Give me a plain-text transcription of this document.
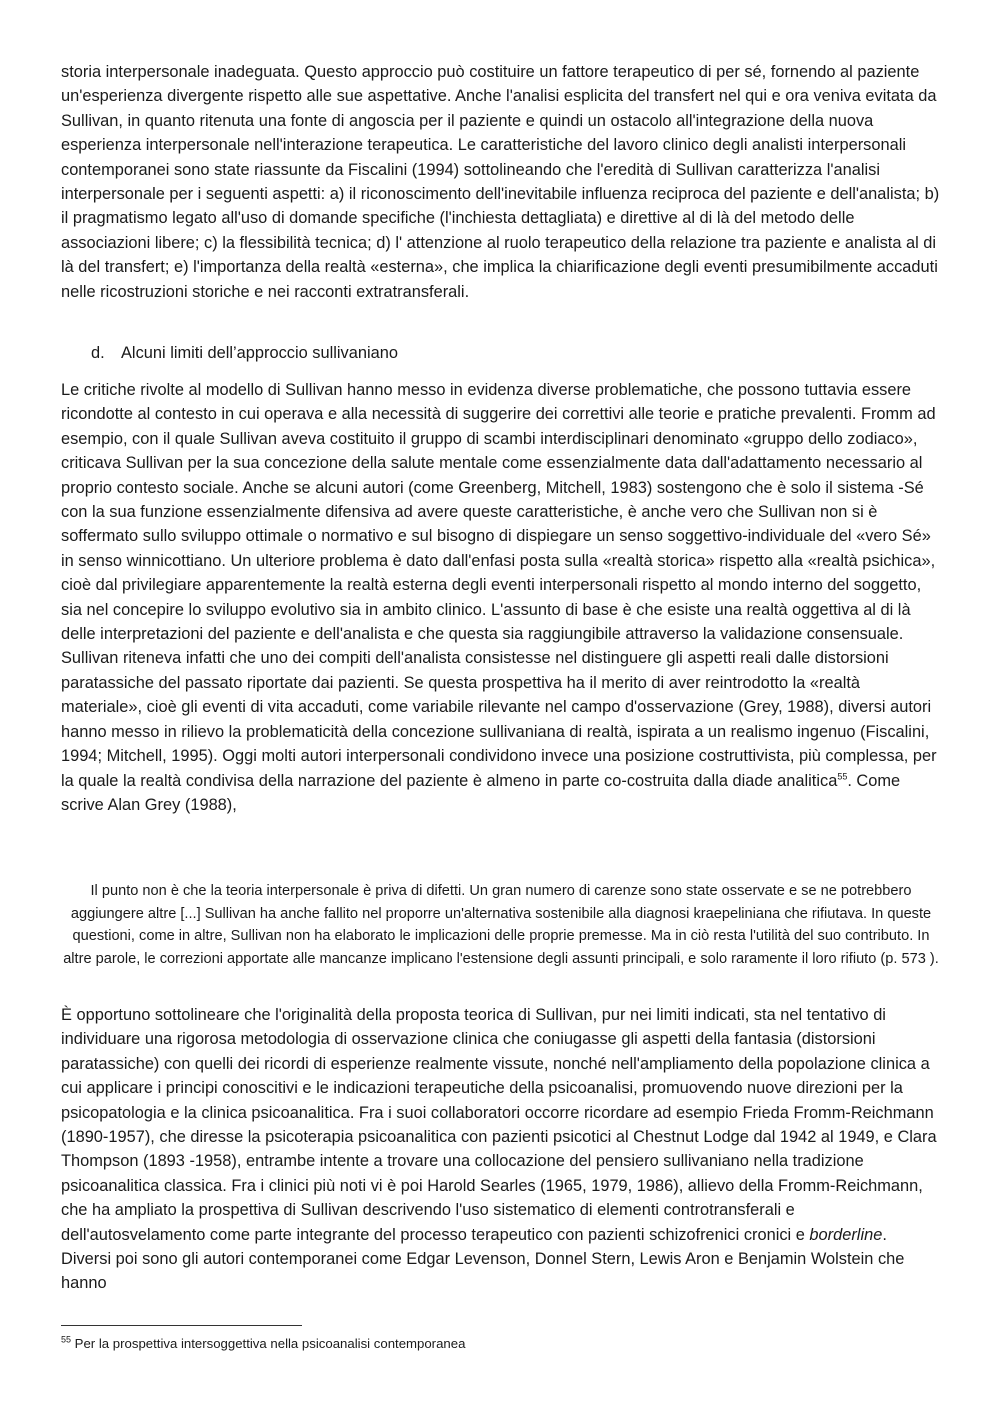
storia interpersonale inadeguata. Questo approccio può costituire un fattore terapeutico di per sé, fornendo al paziente un'esperienza divergente rispetto alle sue aspettative. Anche l'analisi esplicita del transfert nel qui e ora veniva evitata da Sullivan, in quanto ritenuta una fonte di angoscia per il paziente e quindi un ostacolo all'integrazione della nuova esperienza interpersonale nell'interazione terapeutica. Le caratteristiche del lavoro clinico degli analisti interpersonali contemporanei sono state riassunte da Fiscalini (1994) sottolineando che l'eredità di Sullivan caratterizza l'analisi interpersonale per i seguenti aspetti: a) il riconoscimento dell'inevitabile influenza reciproca del paziente e dell'analista; b) il pragmatismo legato all'uso di domande specifiche (l'inchiesta dettagliata) e direttive al di là del metodo delle associazioni libere; c) la flessibilità tecnica; d) l' attenzione al ruolo terapeutico della relazione tra paziente e analista al di là del transfert; e) l'importanza della realtà «esterna», che implica la chiarificazione degli eventi presumibilmente accaduti nelle ricostruzioni storiche e nei racconti extratransferali.

d. Alcuni limiti dell’approccio sullivaniano

Le critiche rivolte al modello di Sullivan hanno messo in evidenza diverse problematiche, che possono tuttavia essere ricondotte al contesto in cui operava e alla necessità di suggerire dei correttivi alle teorie e pratiche prevalenti. Fromm ad esempio, con il quale Sullivan aveva costituito il gruppo di scambi interdisciplinari denominato «gruppo dello zodiaco», criticava Sullivan per la sua concezione della salute mentale come essenzialmente data dall'adattamento necessario al proprio contesto sociale. Anche se alcuni autori (come Greenberg, Mitchell, 1983) sostengono che è solo il sistema -Sé con la sua funzione essenzialmente difensiva ad avere queste caratteristiche, è anche vero che Sullivan non si è soffermato sullo sviluppo ottimale o normativo e sul bisogno di dispiegare un senso soggettivo-individuale del «vero Sé» in senso winnicottiano. Un ulteriore problema è dato dall'enfasi posta sulla «realtà storica» rispetto alla «realtà psichica», cioè dal privilegiare apparentemente la realtà esterna degli eventi interpersonali rispetto al mondo interno del soggetto, sia nel concepire lo sviluppo evolutivo sia in ambito clinico. L'assunto di base è che esiste una realtà oggettiva al di là delle interpretazioni del paziente e dell'analista e che questa sia raggiungibile attraverso la validazione consensuale. Sullivan riteneva infatti che uno dei compiti dell'analista consistesse nel distinguere gli aspetti reali dalle distorsioni paratassiche del passato riportate dai pazienti. Se questa prospettiva ha il merito di aver reintrodotto la «realtà materiale», cioè gli eventi di vita accaduti, come variabile rilevante nel campo d'osservazione (Grey, 1988), diversi autori hanno messo in rilievo la problematicità della concezione sullivaniana di realtà, ispirata a un realismo ingenuo (Fiscalini, 1994; Mitchell, 1995). Oggi molti autori interpersonali condividono invece una posizione costruttivista, più complessa, per la quale la realtà condivisa della narrazione del paziente è almeno in parte co-costruita dalla diade analitica$^{55}$. Come scrive Alan Grey (1988),

Il punto non è che la teoria interpersonale è priva di difetti. Un gran numero di carenze sono state osservate e se ne potrebbero aggiungere altre [...] Sullivan ha anche fallito nel proporre un'alternativa sostenibile alla diagnosi kraepeliniana che rifiutava. In queste questioni, come in altre, Sullivan non ha elaborato le implicazioni delle proprie premesse. Ma in ciò resta l'utilità del suo contributo. In altre parole, le correzioni apportate alle mancanze implicano l'estensione degli assunti principali, e solo raramente il loro rifiuto (p. 573 ).

È opportuno sottolineare che l'originalità della proposta teorica di Sullivan, pur nei limiti indicati, sta nel tentativo di individuare una rigorosa metodologia di osservazione clinica che coniugasse gli aspetti della fantasia (distorsioni paratassiche) con quelli dei ricordi di esperienze realmente vissute, nonché nell'ampliamento della popolazione clinica a cui applicare i principi conoscitivi e le indicazioni terapeutiche della psicoanalisi, promuovendo nuove direzioni per la psicopatologia e la clinica psicoanalitica. Fra i suoi collaboratori occorre ricordare ad esempio Frieda Fromm-Reichmann (1890-1957), che diresse la psicoterapia psicoanalitica con pazienti psicotici al Chestnut Lodge dal 1942 al 1949, e Clara Thompson (1893 -1958), entrambe intente a trovare una collocazione del pensiero sullivaniano nella tradizione psicoanalitica classica. Fra i clinici più noti vi è poi Harold Searles (1965, 1979, 1986), allievo della Fromm-Reichmann, che ha ampliato la prospettiva di Sullivan descrivendo l'uso sistematico di elementi controtransferali e dell'autosvelamento come parte integrante del processo terapeutico con pazienti schizofrenici cronici e borderline. Diversi poi sono gli autori contemporanei come Edgar Levenson, Donnel Stern, Lewis Aron e Benjamin Wolstein che hanno

$^{55}$ Per la prospettiva intersoggettiva nella psicoanalisi contemporanea
